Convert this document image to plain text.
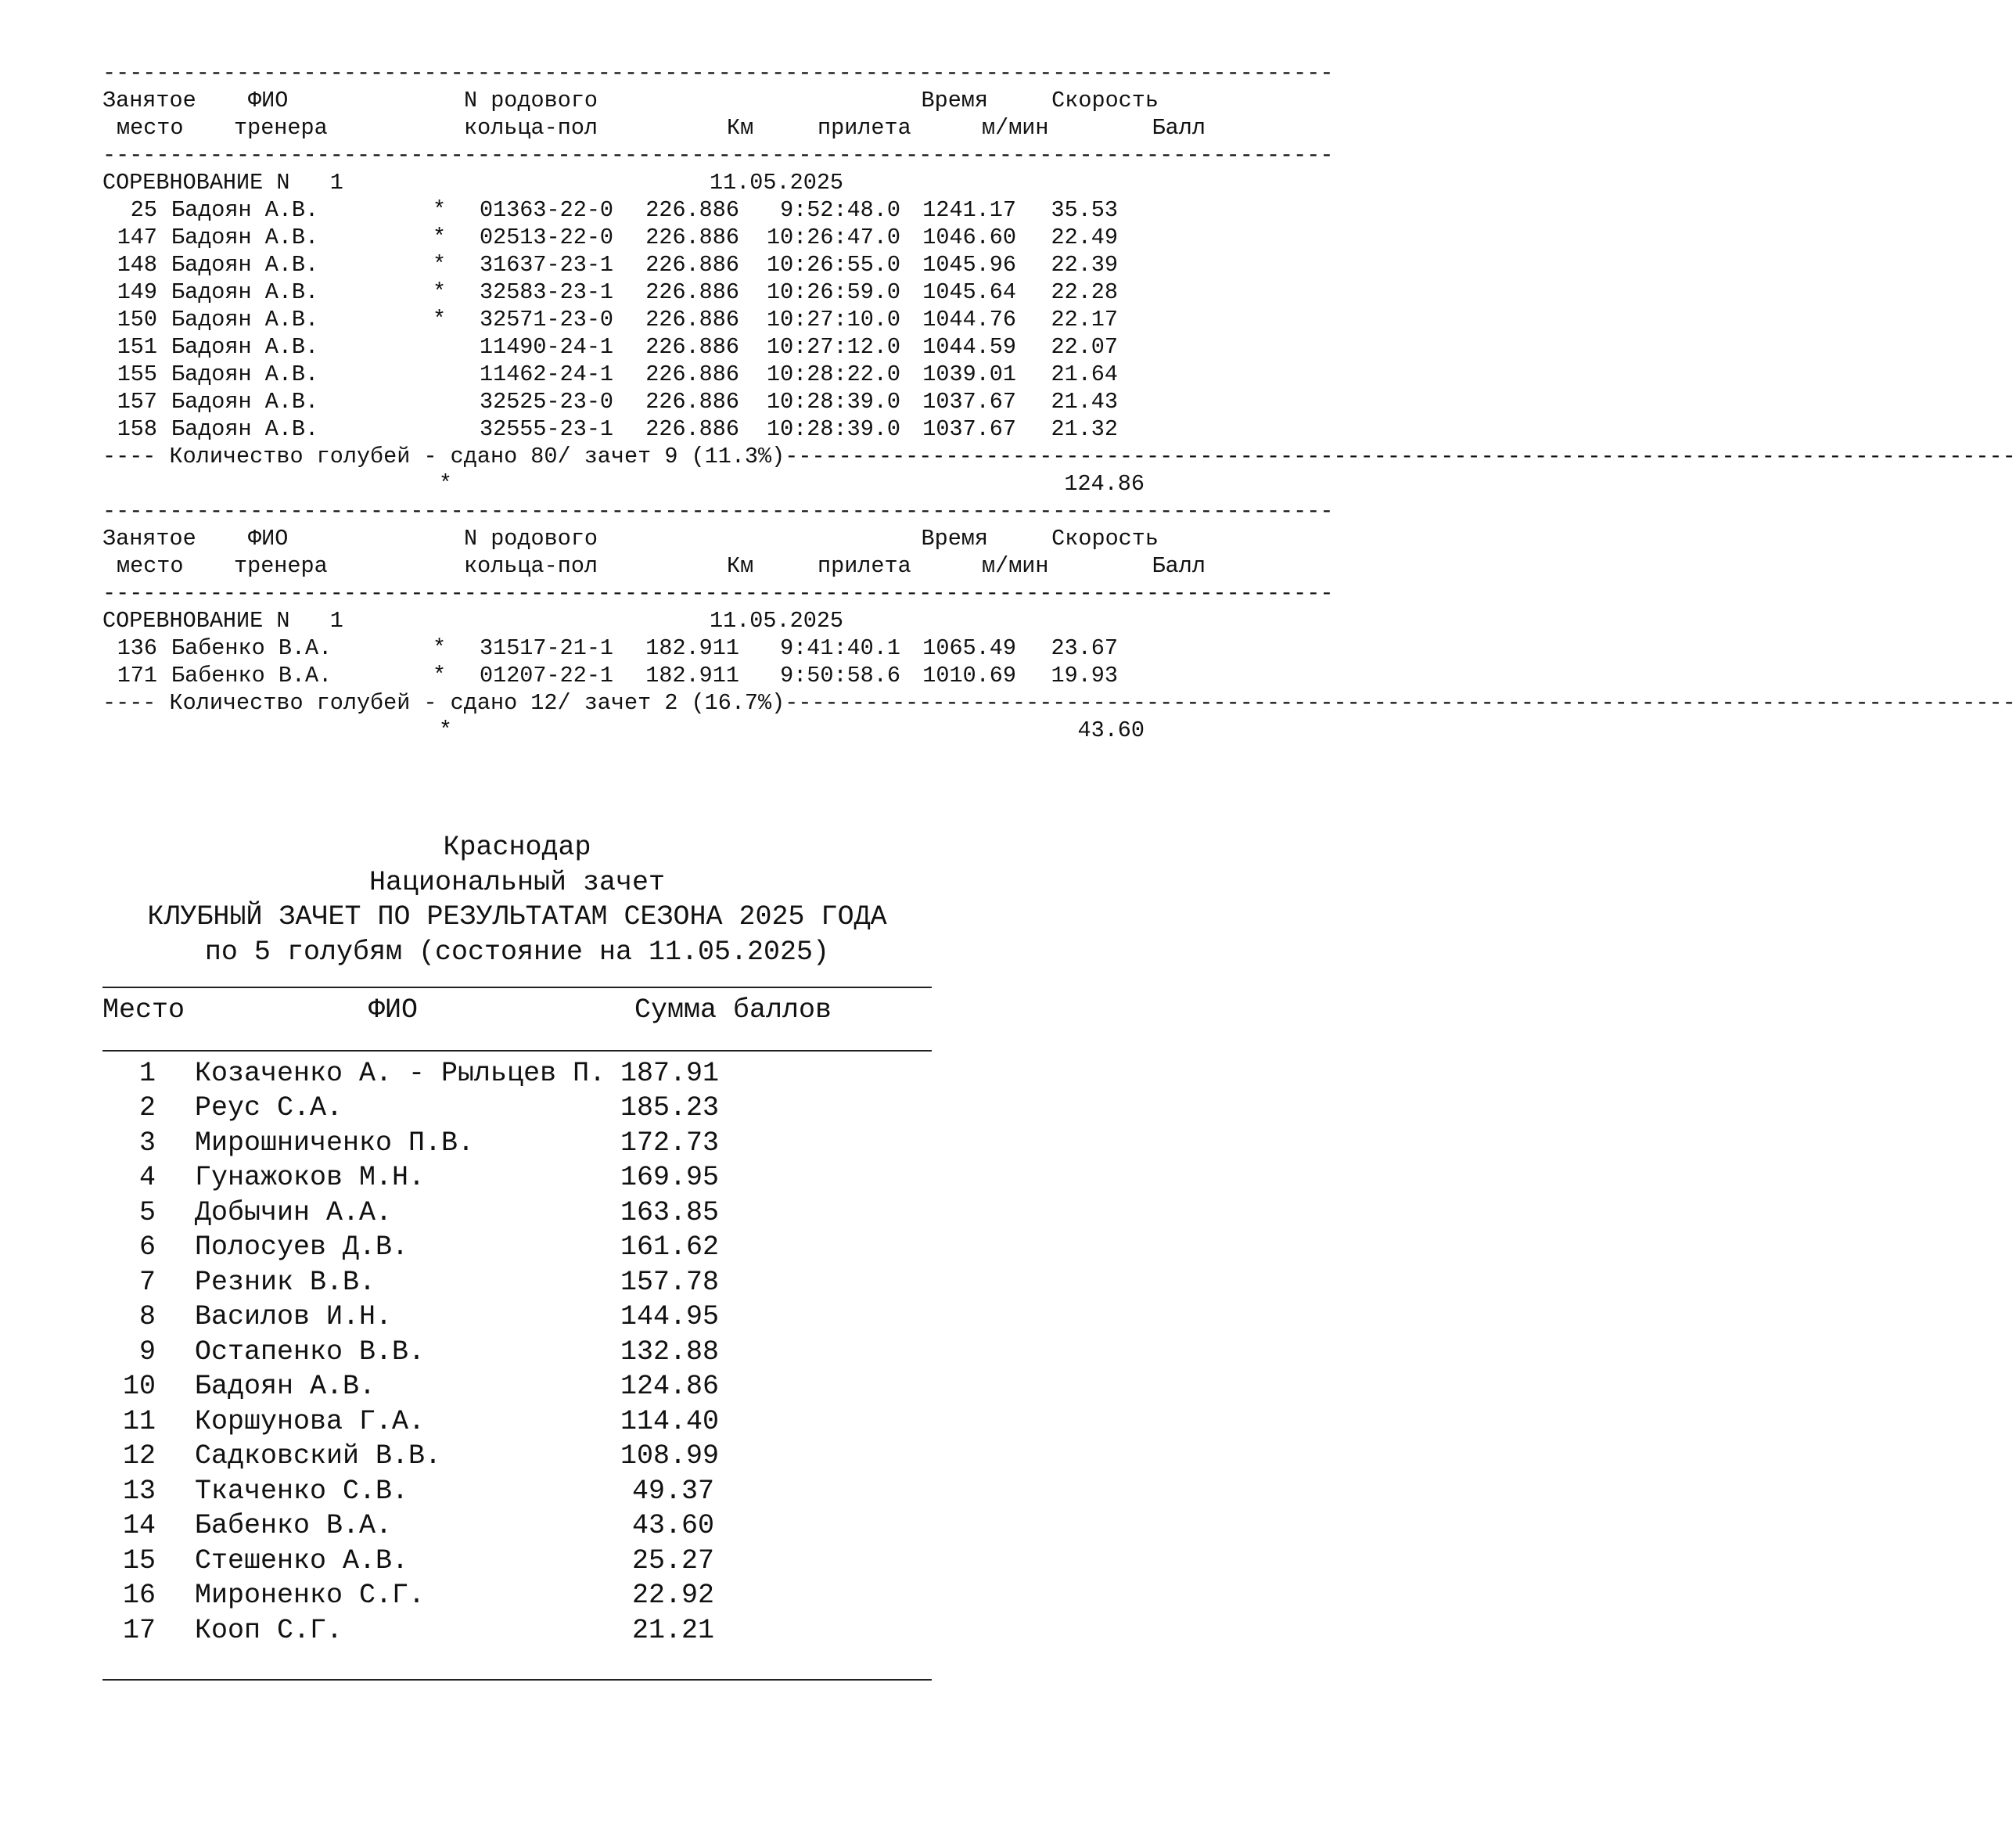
--------------------------------------------------------------------------------------------
Занятое	ФИО	N родового	Время	Скорость
место	тренера	кольца-пол	Км	прилета	м/мин	Балл
--------------------------------------------------------------------------------------------
СОРЕВНОВАНИЕ N   1	11.05.2025
25 Бадоян А.В.	*	01363-22-0	226.886	9:52:48.0 1241.17	35.53
147 Бадоян А.В.	*	02513-22-0	226.886	10:26:47.0 1046.60	22.49
148 Бадоян А.В.	*	31637-23-1	226.886	10:26:55.0 1045.96	22.39
149 Бадоян А.В.	*	32583-23-1	226.886	10:26:59.0 1045.64	22.28
150 Бадоян А.В.	*	32571-23-0	226.886	10:27:10.0 1044.76	22.17
151 Бадоян А.В.	11490-24-1	226.886	10:27:12.0 1044.59	22.07
155 Бадоян А.В.	11462-24-1	226.886	10:28:22.0 1039.01	21.64
157 Бадоян А.В.	32525-23-0	226.886	10:28:39.0 1037.67	21.43
158 Бадоян А.В.	32555-23-1	226.886	10:28:39.0 1037.67	21.32
---- Количество голубей - сдано 80/ зачет 9 (11.3%) --------------------------------------------------------------------------------------------
*	124.86
--------------------------------------------------------------------------------------------
Занятое	ФИО	N родового	Время	Скорость
место	тренера	кольца-пол	Км	прилета	м/мин	Балл
--------------------------------------------------------------------------------------------
СОРЕВНОВАНИЕ N   1	11.05.2025
136 Бабенко В.А.	*	31517-21-1	182.911	9:41:40.1 1065.49	23.67
171 Бабенко В.А.	*	01207-22-1	182.911	9:50:58.6 1010.69	19.93
---- Количество голубей - сдано 12/ зачет 2 (16.7%) --------------------------------------------------------------------------------------------
*	43.60
Краснодар
Национальный зачет
КЛУБНЫЙ ЗАЧЕТ ПО РЕЗУЛЬТАТАМ СЕЗОНА 2025 ГОДА
по 5 голубям (состояние на 11.05.2025)
Место	ФИО	Сумма баллов
1	Козаченко А. - Рыльцев П. 187.91
2	Реус С.А.	185.23
3	Мирошниченко П.В.	172.73
4	Гунажоков М.Н.	169.95
5	Добычин А.А.	163.85
6	Полосуев Д.В.	161.62
7	Резник В.В.	157.78
8	Василов И.Н.	144.95
9	Остапенко В.В.	132.88
10	Бадоян А.В.	124.86
11	Коршунова Г.А.	114.40
12	Садковский В.В.	108.99
13	Ткаченко С.В.	49.37
14	Бабенко В.А.	43.60
15	Стешенко А.В.	25.27
16	Мироненко С.Г.	22.92
17	Кооп С.Г.	21.21
